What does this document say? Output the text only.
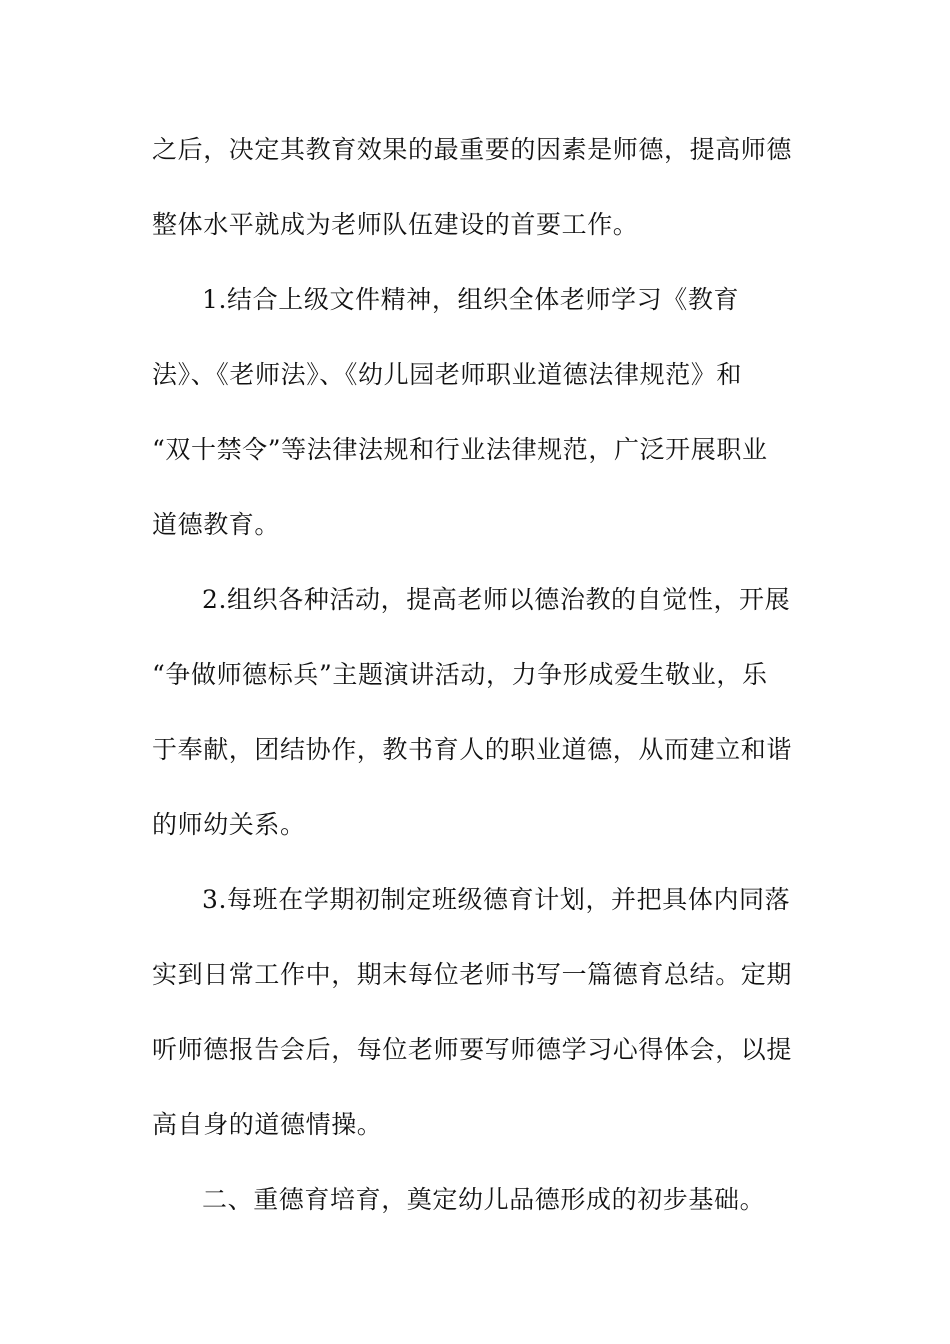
之后，决定其教育效果的最重要的因素是师德，提高师德
整体水平就成为老师队伍建设的首要工作。
1.结合上级文件精神，组织全体老师学习《教育
法》、《老师法》、《幼儿园老师职业道德法律规范》和
“双十禁令”等法律法规和行业法律规范，广泛开展职业
道德教育。
2.组织各种活动，提高老师以德治教的自觉性，开展
“争做师德标兵”主题演讲活动，力争形成爱生敬业，乐
于奉献，团结协作，教书育人的职业道德，从而建立和谐
的师幼关系。
3.每班在学期初制定班级德育计划，并把具体内同落
实到日常工作中，期末每位老师书写一篇德育总结。定期
听师德报告会后，每位老师要写师德学习心得体会，以提
高自身的道德情操。
二、重德育培育，奠定幼儿品德形成的初步基础。
